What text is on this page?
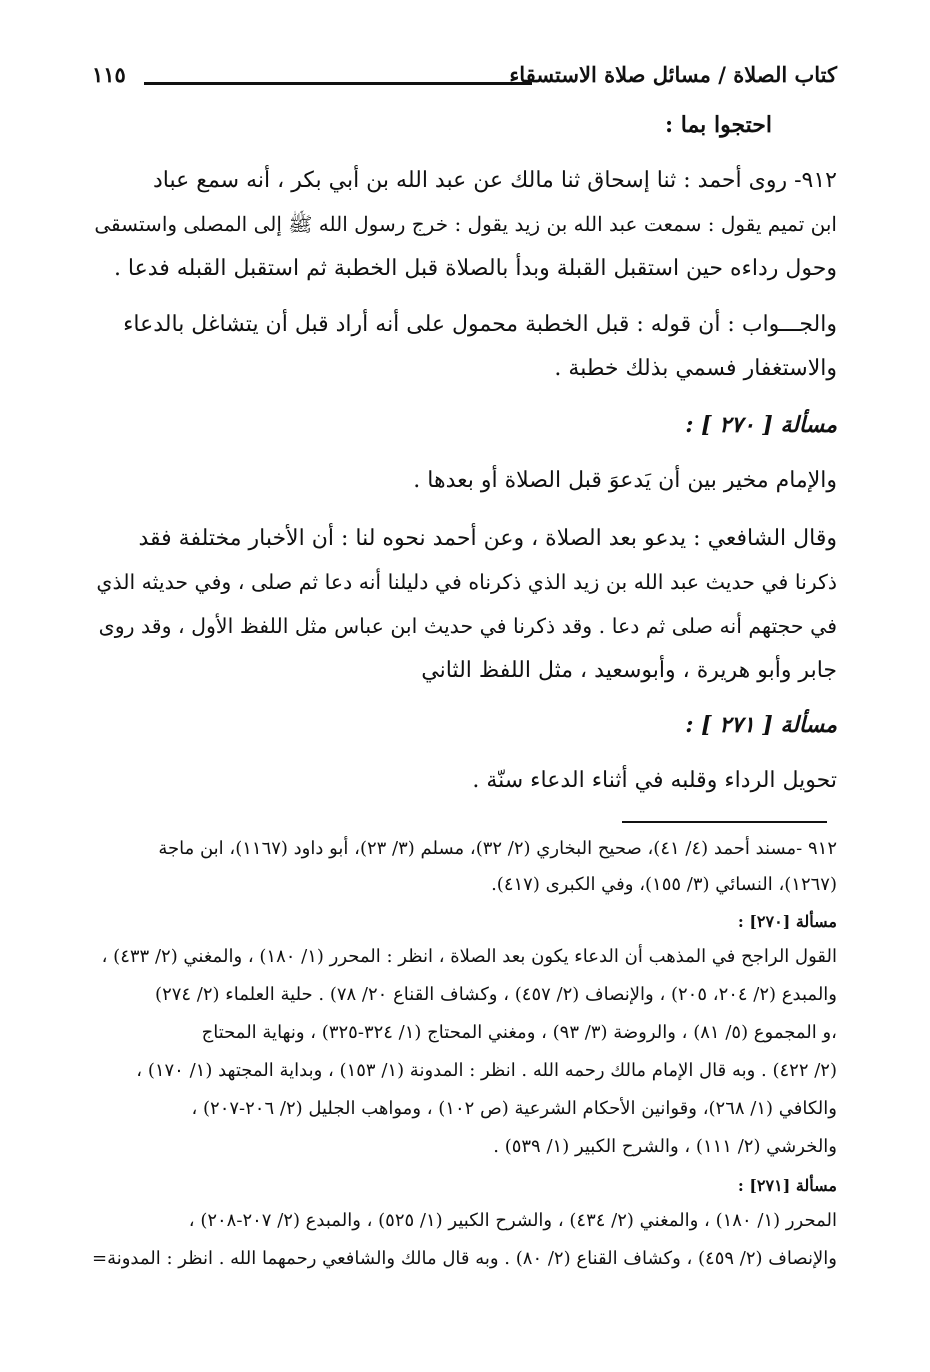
كتاب الصلاة / مسائل صلاة الاستسقاء
١١٥
احتجوا بما :
٩١٢- روى أحمد : ثنا إسحاق ثنا مالك عن عبد الله بن أبي بكر ، أنه سمع عباد
ابن تميم يقول : سمعت عبد الله بن زيد يقول : خرج رسول الله ﷺ إلى المصلى واستسقى
وحول رداءه حين استقبل القبلة وبدأ بالصلاة قبل الخطبة ثم استقبل القبله فدعا .
والجـــواب : أن قوله : قبل الخطبة محمول على أنه أراد قبل أن يتشاغل بالدعاء
والاستغفار فسمي بذلك خطبة .
مسألة [ ٢٧٠ ] :
والإمام مخير بين أن يَدعوَ قبل الصلاة أو بعدها .
وقال الشافعي : يدعو بعد الصلاة ، وعن أحمد نحوه لنا : أن الأخبار مختلفة فقد
ذكرنا في حديث عبد الله بن زيد الذي ذكرناه في دليلنا أنه دعا ثم صلى ، وفي حديثه الذي
في حجتهم أنه صلى ثم دعا . وقد ذكرنا في حديث ابن عباس مثل اللفظ الأول ، وقد روى
جابر وأبو هريرة ، وأبوسعيد ، مثل اللفظ الثاني
مسألة [ ٢٧١ ] :
تحويل الرداء وقلبه في أثناء الدعاء سنّة .
٩١٢ -مسند أحمد (٤/ ٤١)، صحيح البخاري (٢/ ٣٢)، مسلم (٣/ ٢٣)، أبو داود (١١٦٧)، ابن ماجة
(١٢٦٧)، النسائي (٣/ ١٥٥)، وفي الكبرى (٤١٧).
مسألة [٢٧٠] :
القول الراجح في المذهب أن الدعاء يكون بعد الصلاة ، انظر : المحرر (١/ ١٨٠) ، والمغني (٢/ ٤٣٣) ،
والمبدع (٢/ ٢٠٤، ٢٠٥) ، والإنصاف (٢/ ٤٥٧) ، وكشاف القناع ٢٠/ ٧٨) . حلية العلماء (٢/ ٢٧٤)
،و المجموع (٥/ ٨١) ، والروضة (٣/ ٩٣) ، ومغني المحتاج (١/ ٣٢٤-٣٢٥) ، ونهاية المحتاج
(٢/ ٤٢٢) . وبه قال الإمام مالك رحمه الله . انظر : المدونة (١/ ١٥٣) ، وبداية المجتهد (١/ ١٧٠) ،
والكافي (١/ ٢٦٨)، وقوانين الأحكام الشرعية (ص ١٠٢) ، ومواهب الجليل (٢/ ٢٠٦-٢٠٧) ،
والخرشي (٢/ ١١١) ، والشرح الكبير (١/ ٥٣٩) .
مسألة [٢٧١] :
المحرر (١/ ١٨٠) ، والمغني (٢/ ٤٣٤) ، والشرح الكبير (١/ ٥٢٥) ، والمبدع (٢/ ٢٠٧-٢٠٨) ،
والإنصاف (٢/ ٤٥٩) ، وكشاف القناع (٢/ ٨٠) . وبه قال مالك والشافعي رحمهما الله . انظر : المدونة=
